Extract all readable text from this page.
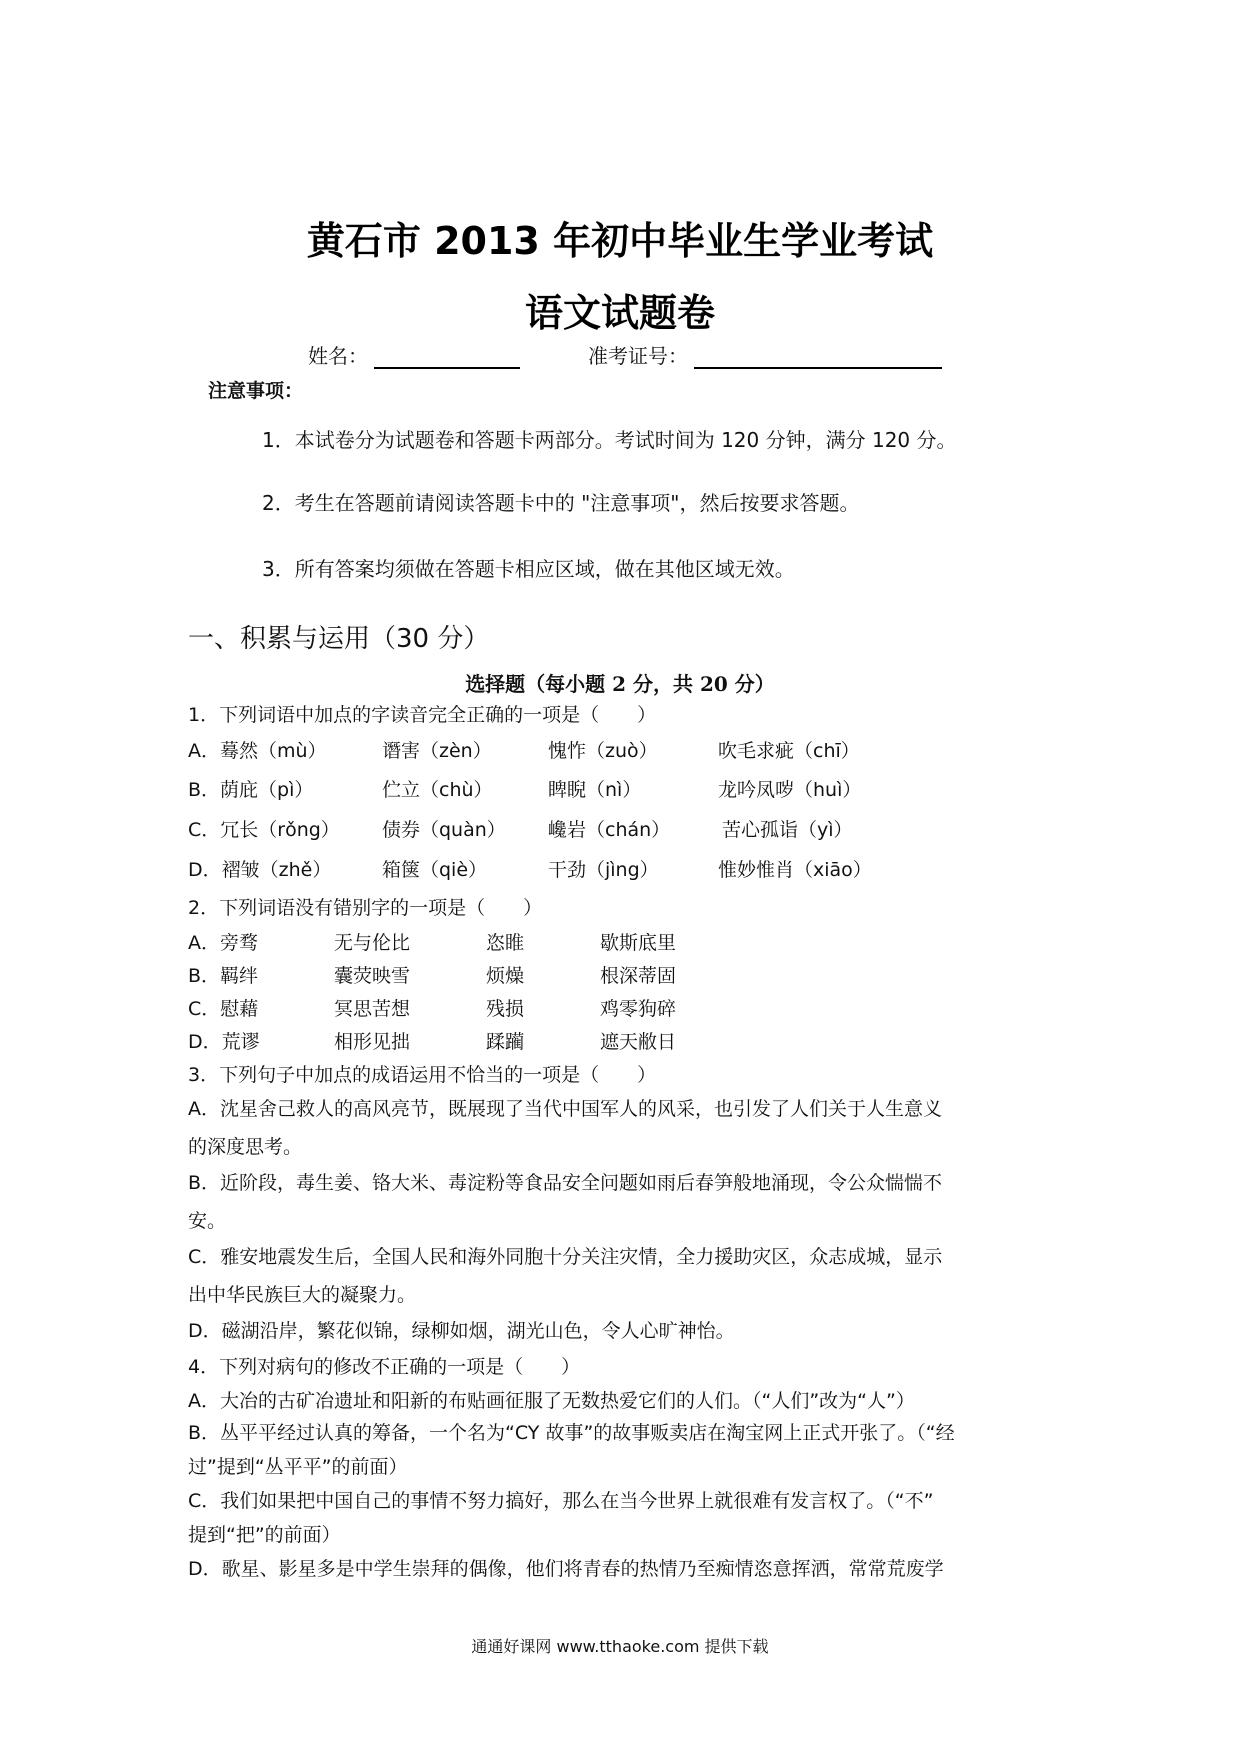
黄石市 2013 年初中毕业生学业考试
语文试题卷
姓名：	准考证号：
注意事项：
1．本试卷分为试题卷和答题卡两部分。考试时间为 120 分钟，满分 120 分。
2．考生在答题前请阅读答题卡中的 "注意事项"，然后按要求答题。
3．所有答案均须做在答题卡相应区域，做在其他区域无效。
一、积累与运用（30 分）
选择题（每小题 2 分，共 20 分）
1．下列词语中加点的字读音完全正确的一项是（　　）
A．蓦然（mù）	谮害（zèn）	愧怍（zuò）	吹毛求疵（chī）
B．荫庇（pì）	伫立（chù）	睥睨（nì）	龙吟凤哕（huì）
C．冗长（rǒng） 债券（quàn） 巉岩（chán）	苦心孤诣（yì）
D．褶皱（zhě）	箱箧（qiè）	干劲（jìng）	惟妙惟肖（xiāo）
2．下列词语没有错别字的一项是（　　）
A．旁骛	无与伦比	恣睢	歇斯底里
B．羁绊	囊荧映雪	烦燥	根深蒂固
C．慰藉	冥思苦想	残损	鸡零狗碎
D．荒谬	相形见拙	蹂躏	遮天敝日
3．下列句子中加点的成语运用不恰当的一项是（　　）
A．沈星舍己救人的高风亮节，既展现了当代中国军人的风采，也引发了人们关于人生意义
的深度思考。
B．近阶段，毒生姜、铬大米、毒淀粉等食品安全问题如雨后春笋般地涌现，令公众惴惴不
安。
C．雅安地震发生后，全国人民和海外同胞十分关注灾情，全力援助灾区，众志成城，显示
出中华民族巨大的凝聚力。
D．磁湖沿岸，繁花似锦，绿柳如烟，湖光山色，令人心旷神怡。
4．下列对病句的修改不正确的一项是（　　）
A．大冶的古矿冶遗址和阳新的布贴画征服了无数热爱它们的人们。（“人们”改为“人”）
B．丛平平经过认真的筹备，一个名为“CY 故事”的故事贩卖店在淘宝网上正式开张了。（“经
过”提到“丛平平”的前面）
C．我们如果把中国自己的事情不努力搞好，那么在当今世界上就很难有发言权了。（“不”
提到“把”的前面）
D．歌星、影星多是中学生崇拜的偶像，他们将青春的热情乃至痴情恣意挥洒，常常荒废学
通通好课网 www.tthaoke.com 提供下载
